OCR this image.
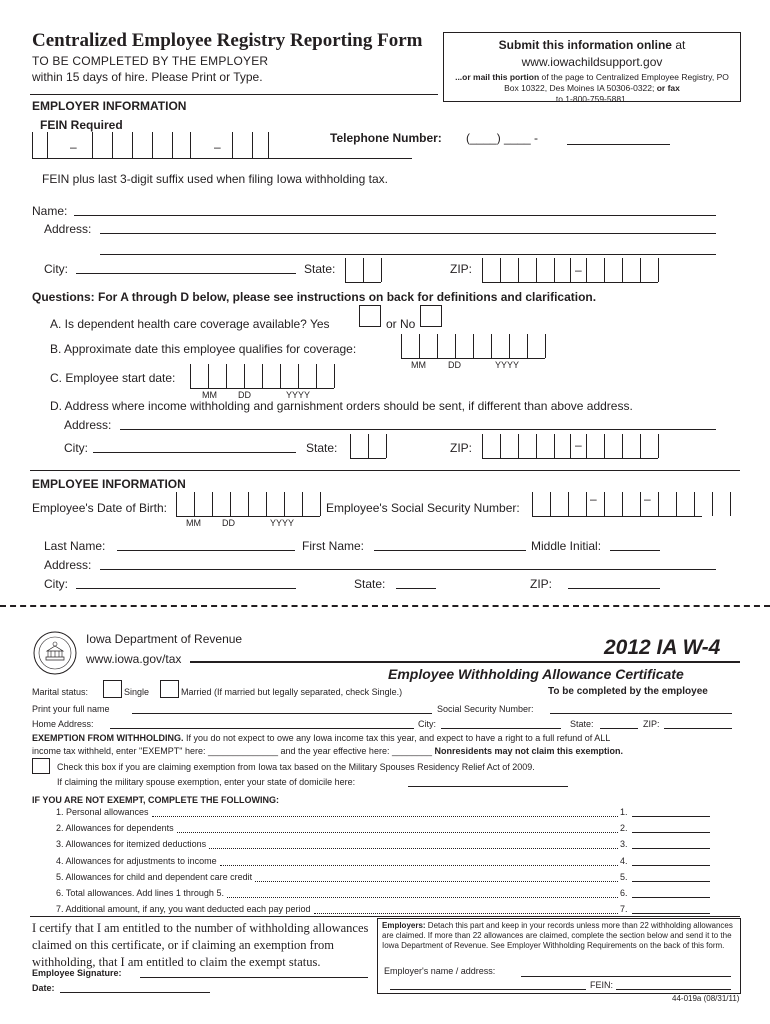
Centralized Employee Registry Reporting Form
TO BE COMPLETED BY THE EMPLOYER
within 15 days of hire. Please Print or Type.
Submit this information online at
www.iowachildsupport.gov
...or mail this portion of the page to Centralized Employee Registry, PO Box 10322, Des Moines IA 50306-0322; or fax
to 1-800-759-5881.
EMPLOYER INFORMATION
FEIN Required
–	–
Telephone Number: (____) ____ -
FEIN plus last 3-digit suffix used when filing Iowa withholding tax.
Name:
Address:
City:	State:	ZIP:	–
Questions: For A through D below, please see instructions on back for definitions and clarification.
A. Is dependent health care coverage available? Yes	or No
B. Approximate date this employee qualifies for coverage:
MM DD	YYYY
C. Employee start date:
MM DD	YYYY
D. Address where income withholding and garnishment orders should be sent, if different than above address.
Address:
City:	State:	ZIP:	–
EMPLOYEE INFORMATION
Employee's Date of Birth:
MM DD	YYYY
Employee's Social Security Number:
–	–
Last Name:	First Name:	Middle Initial:
Address:
City:	State:	ZIP:
Iowa Department of Revenue
www.iowa.gov/tax	2012 IA W-4
Employee Withholding Allowance Certificate
Marital status:	Single	Married (If married but legally separated, check Single.)	To be completed by the employee
Print your full name	Social Security Number:
Home Address:	City:	State:	ZIP:
EXEMPTION FROM WITHHOLDING. If you do not expect to owe any Iowa income tax this year, and expect to have a right to a full refund of ALL
income tax withheld, enter "EXEMPT" here: ______________ and the year effective here: ________ Nonresidents may not claim this exemption.
Check this box if you are claiming exemption from Iowa tax based on the Military Spouses Residency Relief Act of 2009.
If claiming the military spouse exemption, enter your state of domicile here:
IF YOU ARE NOT EXEMPT, COMPLETE THE FOLLOWING:
1. Personal allowances	1.
2. Allowances for dependents	2.
3. Allowances for itemized deductions	3.
4. Allowances for adjustments to income	4.
5. Allowances for child and dependent care credit	5.
6. Total allowances. Add lines 1 through 5.	6.
7. Additional amount, if any, you want deducted each pay period	7.
I certify that I am entitled to the number of withholding allowances claimed on this certificate, or if claiming an exemption from withholding, that I am entitled to claim the exempt status.
Employee Signature:
Date:
Employers: Detach this part and keep in your records unless more than 22 withholding allowances are claimed. If more than 22 allowances are claimed, complete the section below and send it to the Iowa Department of Revenue. See Employer Withholding Requirements on the back of this form.
Employer's name / address:
FEIN:
44-019a (08/31/11)
